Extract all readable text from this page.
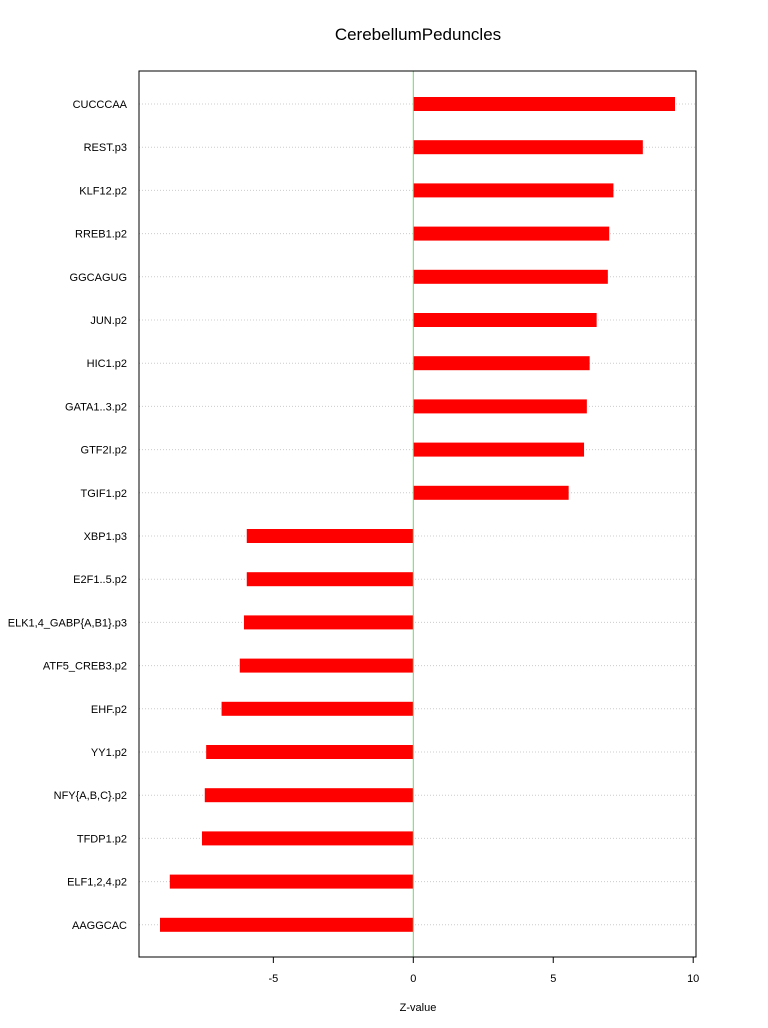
CerebellumPeduncles
CUCCCAA
REST.p3
KLF12.p2
RREB1.p2
GGCAGUG
JUN.p2
HIC1.p2
GATA1..3.p2
GTF2I.p2
TGIF1.p2
XBP1.p3
E2F1..5.p2
ELK1,4_GABP{A,B1}.p3
ATF5_CREB3.p2
EHF.p2
YY1.p2
NFY{A,B,C}.p2
TFDP1.p2
ELF1,2,4.p2
AAGGCAC
-5	0	5	10
Z-value
